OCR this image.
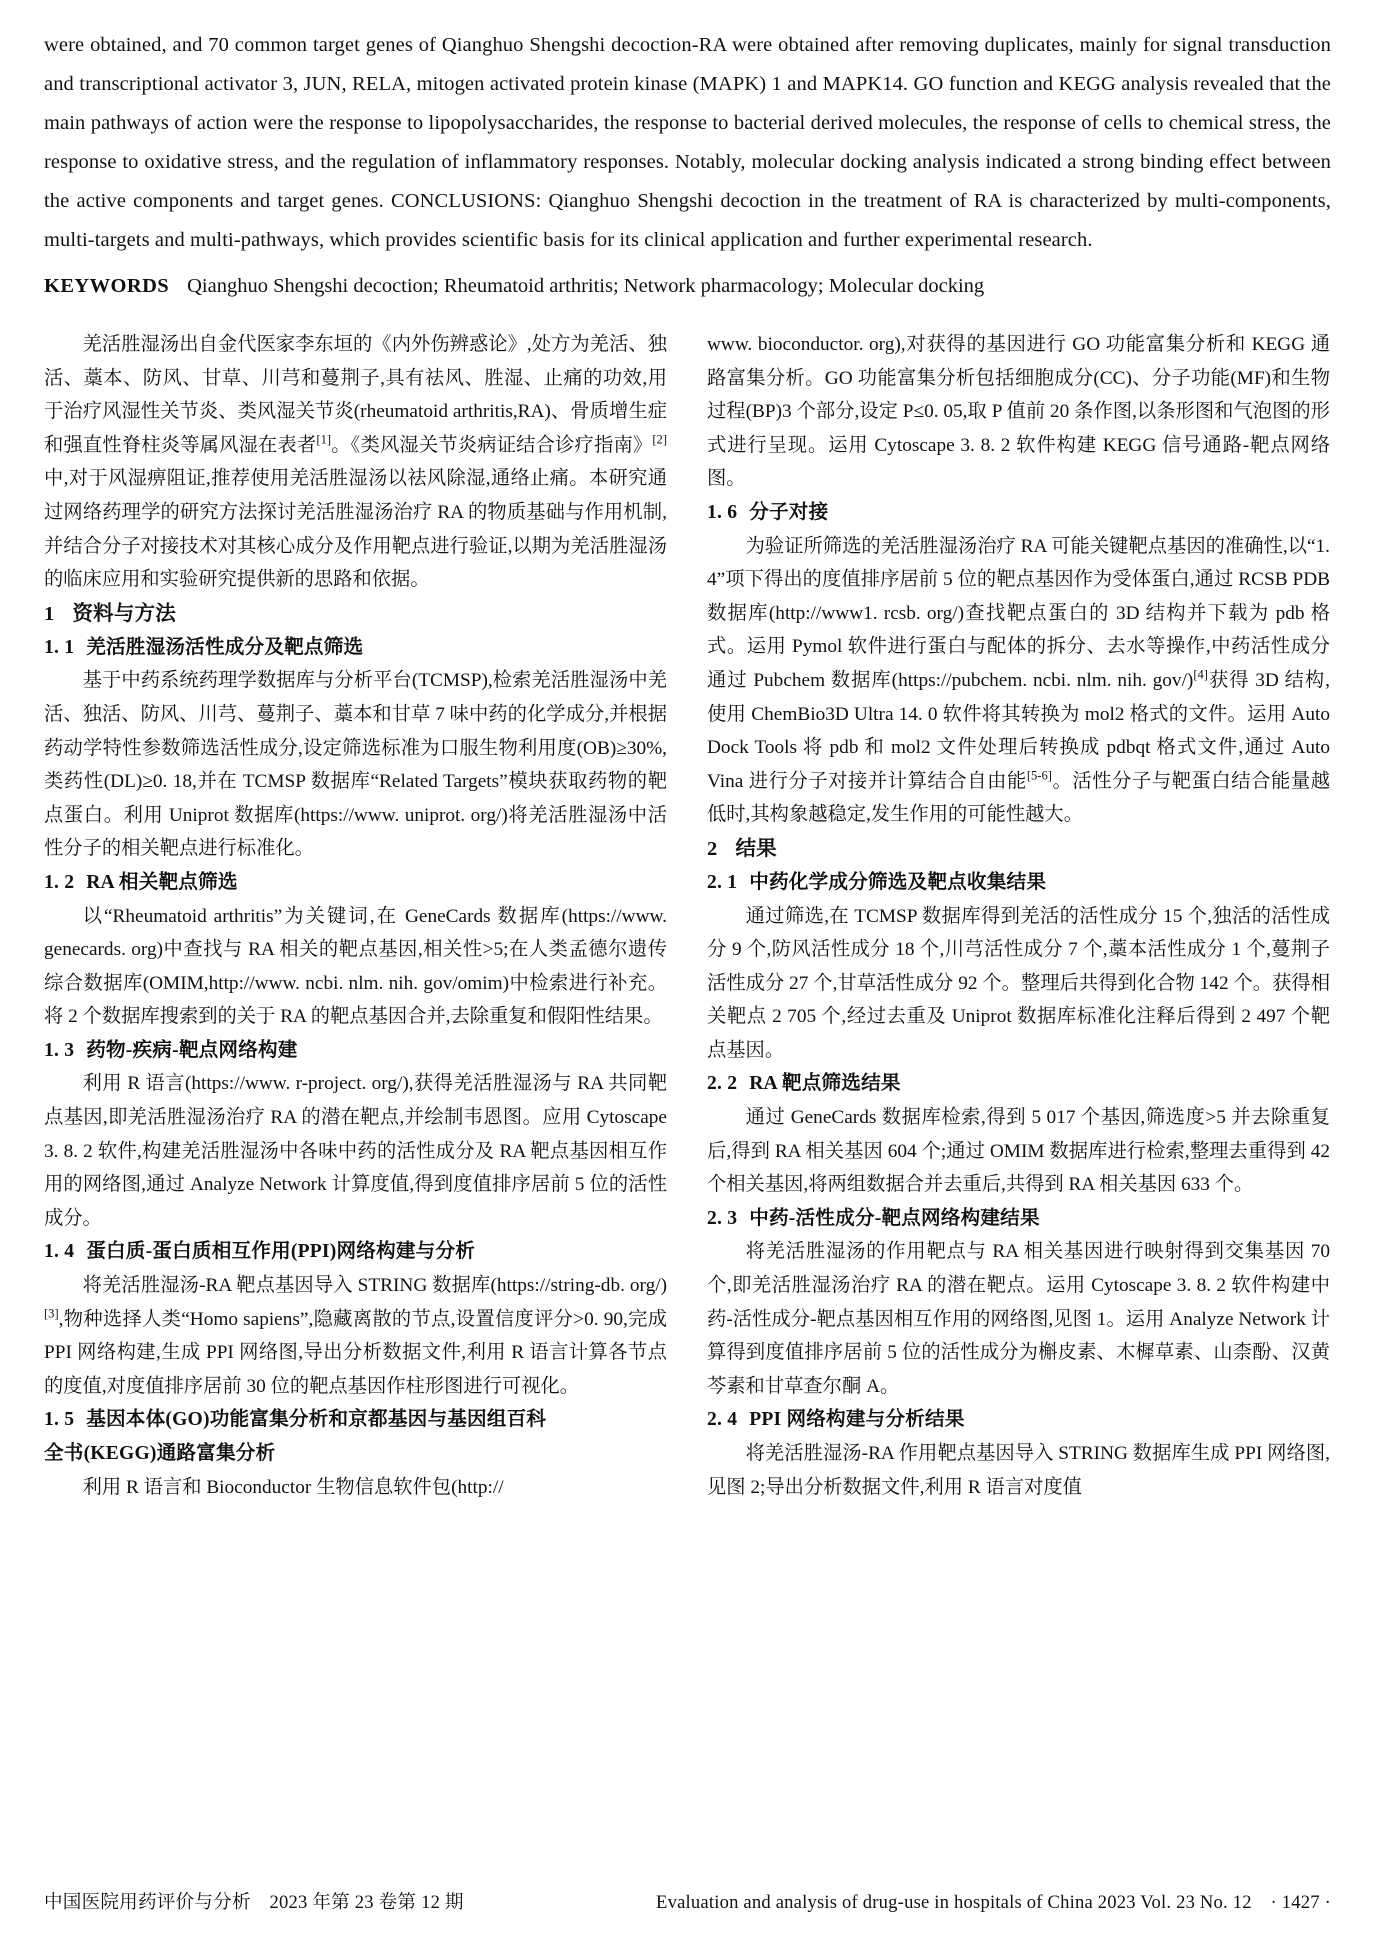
were obtained, and 70 common target genes of Qianghuo Shengshi decoction-RA were obtained after removing duplicates, mainly for signal transduction and transcriptional activator 3, JUN, RELA, mitogen activated protein kinase (MAPK) 1 and MAPK14. GO function and KEGG analysis revealed that the main pathways of action were the response to lipopolysaccharides, the response to bacterial derived molecules, the response of cells to chemical stress, the response to oxidative stress, and the regulation of inflammatory responses. Notably, molecular docking analysis indicated a strong binding effect between the active components and target genes. CONCLUSIONS: Qianghuo Shengshi decoction in the treatment of RA is characterized by multi-components, multi-targets and multi-pathways, which provides scientific basis for its clinical application and further experimental research.

KEYWORDS Qianghuo Shengshi decoction; Rheumatoid arthritis; Network pharmacology; Molecular docking

羌活胜湿汤出自金代医家李东垣的《内外伤辨惑论》,处方为羌活、独活、藁本、防风、甘草、川芎和蔓荆子,具有祛风、胜湿、止痛的功效,用于治疗风湿性关节炎、类风湿关节炎(rheumatoid arthritis,RA)、骨质增生症和强直性脊柱炎等属风湿在表者[1]。《类风湿关节炎病证结合诊疗指南》[2]中,对于风湿痹阻证,推荐使用羌活胜湿汤以祛风除湿,通络止痛。本研究通过网络药理学的研究方法探讨羌活胜湿汤治疗 RA 的物质基础与作用机制,并结合分子对接技术对其核心成分及作用靶点进行验证,以期为羌活胜湿汤的临床应用和实验研究提供新的思路和依据。

1 资料与方法

1. 1 羌活胜湿汤活性成分及靶点筛选

基于中药系统药理学数据库与分析平台(TCMSP),检索羌活胜湿汤中羌活、独活、防风、川芎、蔓荆子、藁本和甘草 7 味中药的化学成分,并根据药动学特性参数筛选活性成分,设定筛选标准为口服生物利用度(OB)≥30%,类药性(DL)≥0. 18,并在 TCMSP 数据库“Related Targets”模块获取药物的靶点蛋白。利用 Uniprot 数据库(https://www. uniprot. org/)将羌活胜湿汤中活性分子的相关靶点进行标准化。

1. 2 RA 相关靶点筛选

以“Rheumatoid arthritis”为关键词,在 GeneCards 数据库(https://www. genecards. org)中查找与 RA 相关的靶点基因,相关性>5;在人类孟德尔遗传综合数据库(OMIM,http://www. ncbi. nlm. nih. gov/omim)中检索进行补充。将 2 个数据库搜索到的关于 RA 的靶点基因合并,去除重复和假阳性结果。

1. 3 药物-疾病-靶点网络构建

利用 R 语言(https://www. r-project. org/),获得羌活胜湿汤与 RA 共同靶点基因,即羌活胜湿汤治疗 RA 的潜在靶点,并绘制韦恩图。应用 Cytoscape 3. 8. 2 软件,构建羌活胜湿汤中各味中药的活性成分及 RA 靶点基因相互作用的网络图,通过 Analyze Network 计算度值,得到度值排序居前 5 位的活性成分。

1. 4 蛋白质-蛋白质相互作用(PPI)网络构建与分析

将羌活胜湿汤-RA 靶点基因导入 STRING 数据库(https://string-db. org/)[3],物种选择人类“Homo sapiens”,隐藏离散的节点,设置信度评分>0. 90,完成 PPI 网络构建,生成 PPI 网络图,导出分析数据文件,利用 R 语言计算各节点的度值,对度值排序居前 30 位的靶点基因作柱形图进行可视化。

1. 5 基因本体(GO)功能富集分析和京都基因与基因组百科

全书(KEGG)通路富集分析

利用 R 语言和 Bioconductor 生物信息软件包(http://

www. bioconductor. org),对获得的基因进行 GO 功能富集分析和 KEGG 通路富集分析。GO 功能富集分析包括细胞成分(CC)、分子功能(MF)和生物过程(BP)3 个部分,设定 P≤0. 05,取 P 值前 20 条作图,以条形图和气泡图的形式进行呈现。运用 Cytoscape 3. 8. 2 软件构建 KEGG 信号通路-靶点网络图。

1. 6 分子对接

为验证所筛选的羌活胜湿汤治疗 RA 可能关键靶点基因的准确性,以“1. 4”项下得出的度值排序居前 5 位的靶点基因作为受体蛋白,通过 RCSB PDB 数据库(http://www1. rcsb. org/)查找靶点蛋白的 3D 结构并下载为 pdb 格式。运用 Pymol 软件进行蛋白与配体的拆分、去水等操作,中药活性成分通过 Pubchem 数据库(https://pubchem. ncbi. nlm. nih. gov/)[4]获得 3D 结构,使用 ChemBio3D Ultra 14. 0 软件将其转换为 mol2 格式的文件。运用 Auto Dock Tools 将 pdb 和 mol2 文件处理后转换成 pdbqt 格式文件,通过 Auto Vina 进行分子对接并计算结合自由能[5-6]。活性分子与靶蛋白结合能量越低时,其构象越稳定,发生作用的可能性越大。

2 结果

2. 1 中药化学成分筛选及靶点收集结果

通过筛选,在 TCMSP 数据库得到羌活的活性成分 15 个,独活的活性成分 9 个,防风活性成分 18 个,川芎活性成分 7 个,藁本活性成分 1 个,蔓荆子活性成分 27 个,甘草活性成分 92 个。整理后共得到化合物 142 个。获得相关靶点 2 705 个,经过去重及 Uniprot 数据库标准化注释后得到 2 497 个靶点基因。

2. 2 RA 靶点筛选结果

通过 GeneCards 数据库检索,得到 5 017 个基因,筛选度>5 并去除重复后,得到 RA 相关基因 604 个;通过 OMIM 数据库进行检索,整理去重得到 42 个相关基因,将两组数据合并去重后,共得到 RA 相关基因 633 个。

2. 3 中药-活性成分-靶点网络构建结果

将羌活胜湿汤的作用靶点与 RA 相关基因进行映射得到交集基因 70 个,即羌活胜湿汤治疗 RA 的潜在靶点。运用 Cytoscape 3. 8. 2 软件构建中药-活性成分-靶点基因相互作用的网络图,见图 1。运用 Analyze Network 计算得到度值排序居前 5 位的活性成分为槲皮素、木樨草素、山柰酚、汉黄芩素和甘草查尔酮 A。

2. 4 PPI 网络构建与分析结果

将羌活胜湿汤-RA 作用靶点基因导入 STRING 数据库生成 PPI 网络图,见图 2;导出分析数据文件,利用 R 语言对度值

中国医院用药评价与分析　2023 年第 23 卷第 12 期	Evaluation and analysis of drug-use in hospitals of China 2023 Vol. 23 No. 12　· 1427 ·
